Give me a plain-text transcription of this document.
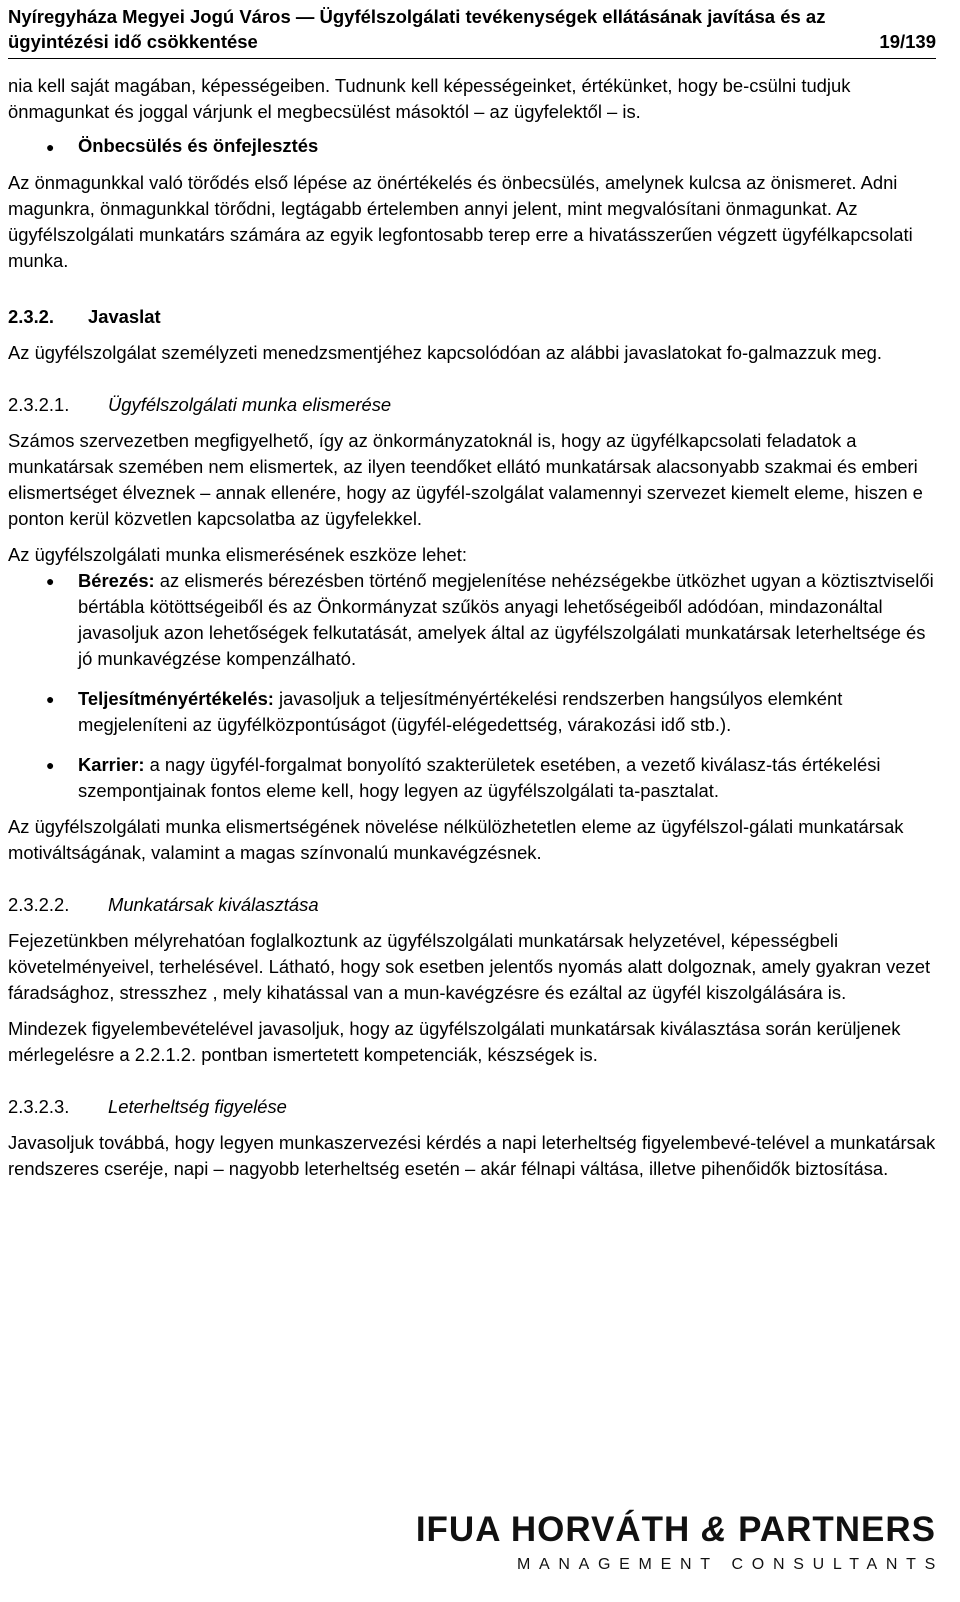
Nyíregyháza Megyei Jogú Város — Ügyfélszolgálati tevékenységek ellátásának javítása és az
ügyintézési idő csökkentése	19/139

nia kell saját magában, képességeiben. Tudnunk kell képességeinket, értékünket, hogy be-csülni tudjuk önmagunkat és joggal várjunk el megbecsülést másoktól – az ügyfelektől – is.

●	Önbecsülés és önfejlesztés

Az önmagunkkal való törődés első lépése az önértékelés és önbecsülés, amelynek kulcsa az önismeret. Adni magunkra, önmagunkkal törődni, legtágabb értelemben annyi jelent, mint megvalósítani önmagunkat. Az ügyfélszolgálati munkatárs számára az egyik legfontosabb terep erre a hivatásszerűen végzett ügyfélkapcsolati munka.

2.3.2.	Javaslat

Az ügyfélszolgálat személyzeti menedzsmentjéhez kapcsolódóan az alábbi javaslatokat fo-galmazzuk meg.

2.3.2.1.	Ügyfélszolgálati munka elismerése

Számos szervezetben megfigyelhető, így az önkormányzatoknál is, hogy az ügyfélkapcsolati feladatok a munkatársak szemében nem elismertek, az ilyen teendőket ellátó munkatársak alacsonyabb szakmai és emberi elismertséget élveznek – annak ellenére, hogy az ügyfél-szolgálat valamennyi szervezet kiemelt eleme, hiszen e ponton kerül közvetlen kapcsolatba az ügyfelekkel.

Az ügyfélszolgálati munka elismerésének eszköze lehet:

● Bérezés: az elismerés bérezésben történő megjelenítése nehézségekbe ütközhet ugyan a köztisztviselői bértábla kötöttségeiből és az Önkormányzat szűkös anyagi lehetőségeiből adódóan, mindazonáltal javasoljuk azon lehetőségek felkutatását, amelyek által az ügyfélszolgálati munkatársak leterheltsége és jó munkavégzése kompenzálható.
● Teljesítményértékelés: javasoljuk a teljesítményértékelési rendszerben hangsúlyos elemként megjeleníteni az ügyfélközpontúságot (ügyfél-elégedettség, várakozási idő stb.).
● Karrier: a nagy ügyfél-forgalmat bonyolító szakterületek esetében, a vezető kiválasz-tás értékelési szempontjainak fontos eleme kell, hogy legyen az ügyfélszolgálati ta-pasztalat.

Az ügyfélszolgálati munka elismertségének növelése nélkülözhetetlen eleme az ügyfélszol-gálati munkatársak motiváltságának, valamint a magas színvonalú munkavégzésnek.

2.3.2.2.	Munkatársak kiválasztása

Fejezetünkben mélyrehatóan foglalkoztunk az ügyfélszolgálati munkatársak helyzetével, képességbeli követelményeivel, terhelésével. Látható, hogy sok esetben jelentős nyomás alatt dolgoznak, amely gyakran vezet fáradsághoz, stresszhez , mely kihatással van a mun-kavégzésre és ezáltal az ügyfél kiszolgálására is.

Mindezek figyelembevételével javasoljuk, hogy az ügyfélszolgálati munkatársak kiválasztása során kerüljenek mérlegelésre a 2.2.1.2. pontban ismertetett kompetenciák, készségek is.

2.3.2.3.	Leterheltség figyelése

Javasoljuk továbbá, hogy legyen munkaszervezési kérdés a napi leterheltség figyelembevé-telével a munkatársak rendszeres cseréje, napi – nagyobb leterheltség esetén – akár félnapi váltása, illetve pihenőidők biztosítása.

IFUA HORVÁTH & PARTNERS
MANAGEMENT CONSULTANTS
